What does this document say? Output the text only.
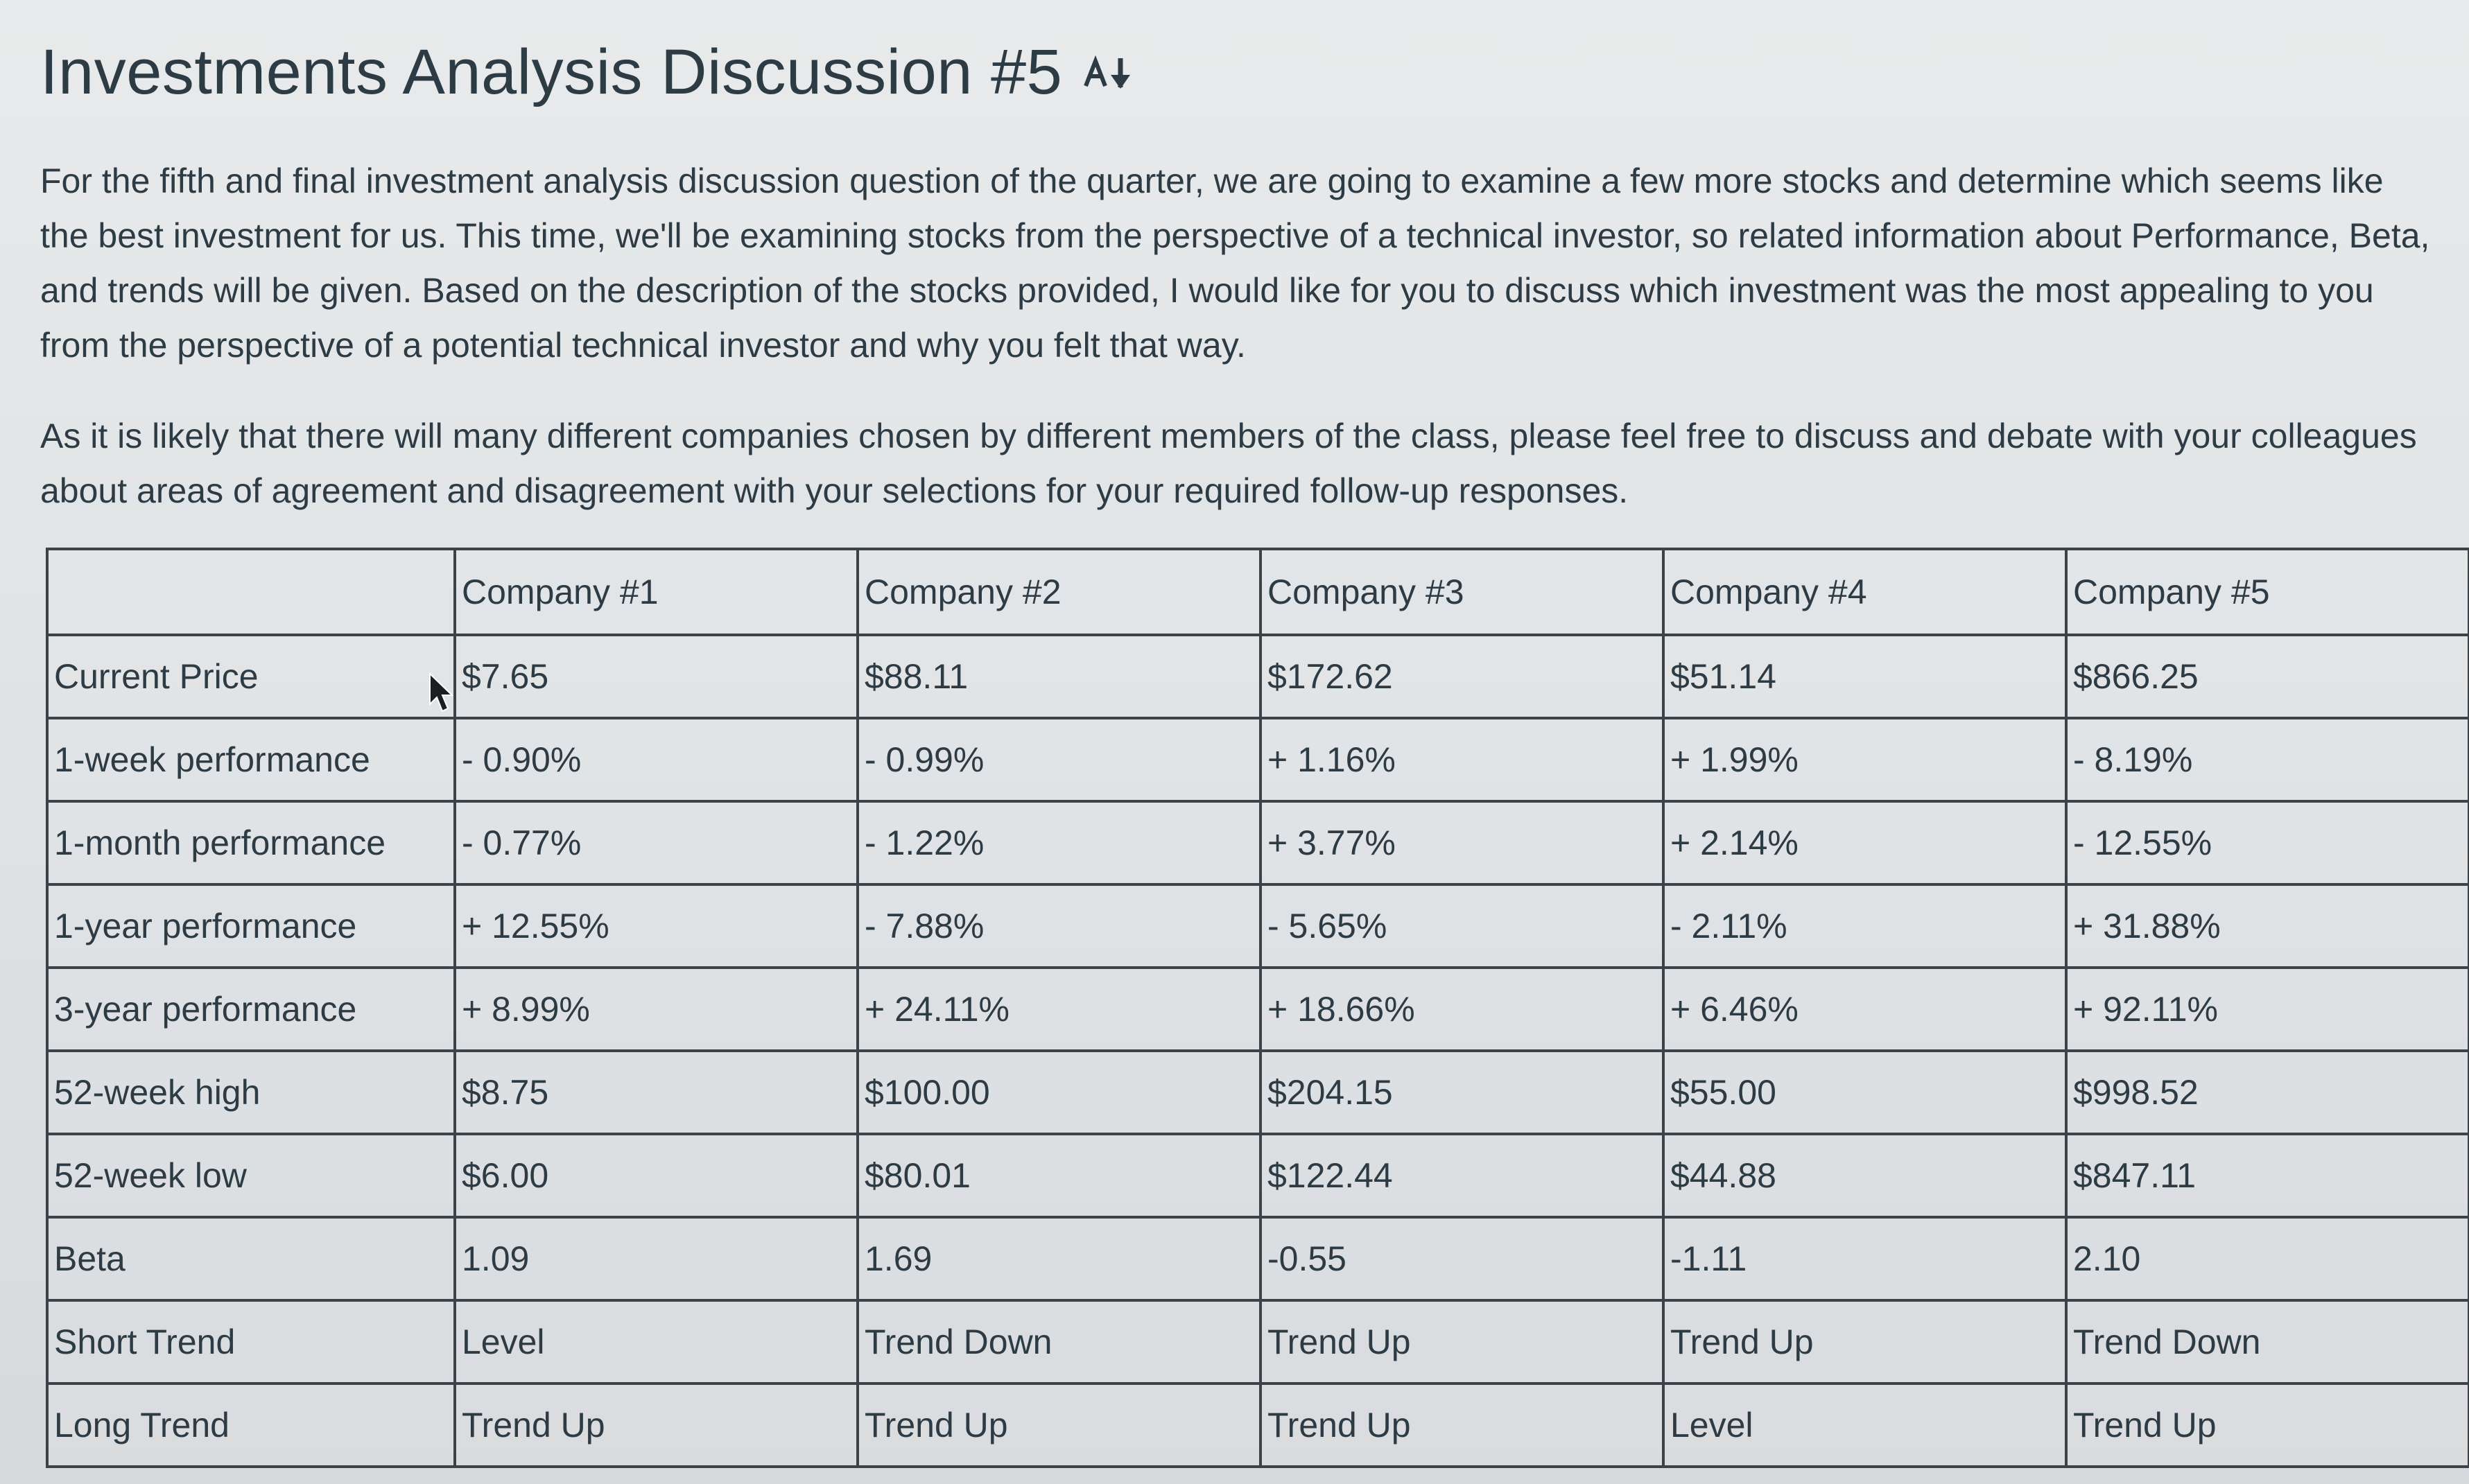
Investments Analysis Discussion #5

For the fifth and final investment analysis discussion question of the quarter, we are going to examine a few more stocks and determine which seems like the best investment for us. This time, we'll be examining stocks from the perspective of a technical investor, so related information about Performance, Beta, and trends will be given. Based on the description of the stocks provided, I would like for you to discuss which investment was the most appealing to you from the perspective of a potential technical investor and why you felt that way.

As it is likely that there will many different companies chosen by different members of the class, please feel free to discuss and debate with your colleagues about areas of agreement and disagreement with your selections for your required follow-up responses.

	Company #1	Company #2	Company #3	Company #4	Company #5
Current Price	$7.65	$88.11	$172.62	$51.14	$866.25
1-week performance	- 0.90%	- 0.99%	+ 1.16%	+ 1.99%	- 8.19%
1-month performance	- 0.77%	- 1.22%	+ 3.77%	+ 2.14%	- 12.55%
1-year performance	+ 12.55%	- 7.88%	- 5.65%	- 2.11%	+ 31.88%
3-year performance	+ 8.99%	+ 24.11%	+ 18.66%	+ 6.46%	+ 92.11%
52-week high	$8.75	$100.00	$204.15	$55.00	$998.52
52-week low	$6.00	$80.01	$122.44	$44.88	$847.11
Beta	1.09	1.69	-0.55	-1.11	2.10
Short Trend	Level	Trend Down	Trend Up	Trend Up	Trend Down
Long Trend	Trend Up	Trend Up	Trend Up	Level	Trend Up
